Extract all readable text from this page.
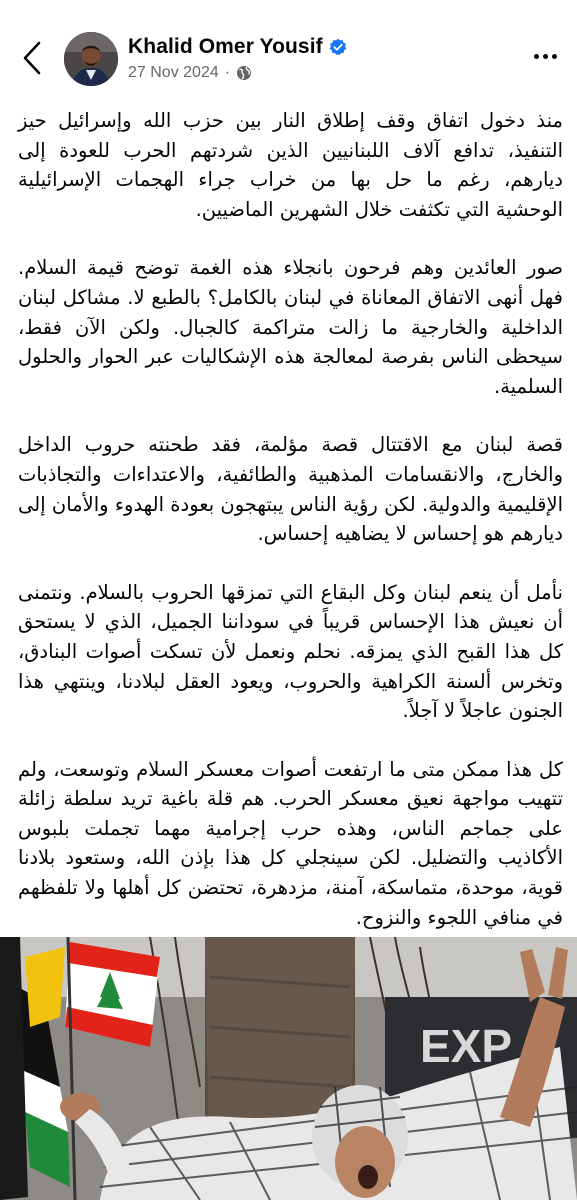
Khalid Omer Yousif
27 Nov 2024 ·

منذ دخول اتفاق وقف إطلاق النار بين حزب الله وإسرائيل حيز التنفيذ، تدافع آلاف اللبنانيين الذين شردتهم الحرب للعودة إلى ديارهم، رغم ما حل بها من خراب جراء الهجمات الإسرائيلية الوحشية التي تكثفت خلال الشهرين الماضيين.

صور العائدين وهم فرحون بانجلاء هذه الغمة توضح قيمة السلام. فهل أنهى الاتفاق المعاناة في لبنان بالكامل؟ بالطبع لا. مشاكل لبنان الداخلية والخارجية ما زالت متراكمة كالجبال. ولكن الآن فقط، سيحظى الناس بفرصة لمعالجة هذه الإشكاليات عبر الحوار والحلول السلمية.

قصة لبنان مع الاقتتال قصة مؤلمة، فقد طحنته حروب الداخل والخارج، والانقسامات المذهبية والطائفية، والاعتداءات والتجاذبات الإقليمية والدولية. لكن رؤية الناس يبتهجون بعودة الهدوء والأمان إلى ديارهم هو إحساس لا يضاهيه إحساس.

نأمل أن ينعم لبنان وكل البقاع التي تمزقها الحروب بالسلام. ونتمنى أن نعيش هذا الإحساس قريباً في سوداننا الجميل، الذي لا يستحق كل هذا القبح الذي يمزقه. نحلم ونعمل لأن تسكت أصوات البنادق، وتخرس ألسنة الكراهية والحروب، ويعود العقل لبلادنا، وينتهي هذا الجنون عاجلاً لا آجلاً.

كل هذا ممكن متى ما ارتفعت أصوات معسكر السلام وتوسعت، ولم تتهيب مواجهة نعيق معسكر الحرب. هم قلة باغية تريد سلطة زائلة على جماجم الناس، وهذه حرب إجرامية مهما تجملت بلبوس الأكاذيب والتضليل. لكن سينجلي كل هذا بإذن الله، وستعود بلادنا قوية، موحدة، متماسكة، آمنة، مزدهرة، تحتضن كل أهلها ولا تلفظهم في منافي اللجوء والنزوح.

EXP
